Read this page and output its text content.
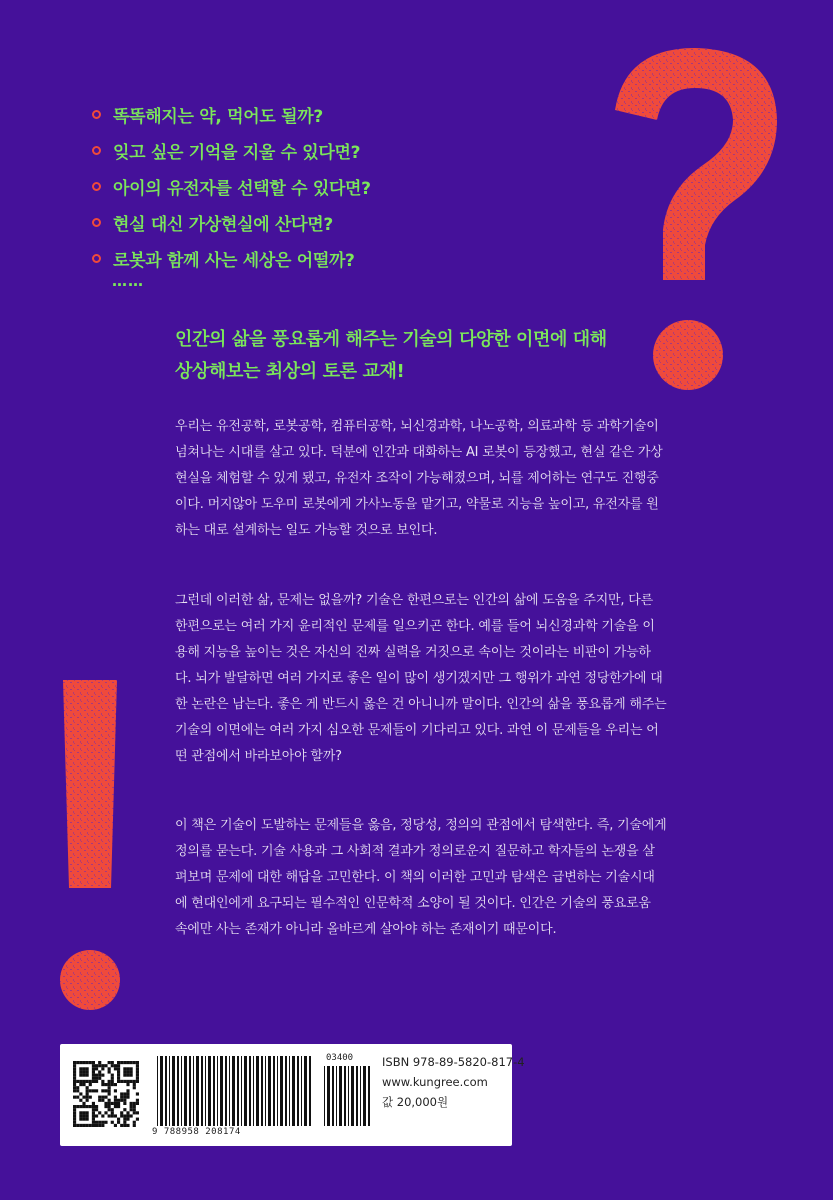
똑똑해지는 약, 먹어도 될까?
잊고 싶은 기억을 지울 수 있다면?
아이의 유전자를 선택할 수 있다면?
현실 대신 가상현실에 산다면?
로봇과 함께 사는 세상은 어떨까?
……
인간의 삶을 풍요롭게 해주는 기술의 다양한 이면에 대해
상상해보는 최상의 토론 교재!
우리는 유전공학, 로봇공학, 컴퓨터공학, 뇌신경과학, 나노공학, 의료과학 등 과학기술이
넘쳐나는 시대를 살고 있다. 덕분에 인간과 대화하는 AI 로봇이 등장했고, 현실 같은 가상
현실을 체험할 수 있게 됐고, 유전자 조작이 가능해졌으며, 뇌를 제어하는 연구도 진행중
이다. 머지않아 도우미 로봇에게 가사노동을 맡기고, 약물로 지능을 높이고, 유전자를 원
하는 대로 설계하는 일도 가능할 것으로 보인다.
그런데 이러한 삶, 문제는 없을까? 기술은 한편으로는 인간의 삶에 도움을 주지만, 다른
한편으로는 여러 가지 윤리적인 문제를 일으키곤 한다. 예를 들어 뇌신경과학 기술을 이
용해 지능을 높이는 것은 자신의 진짜 실력을 거짓으로 속이는 것이라는 비판이 가능하
다. 뇌가 발달하면 여러 가지로 좋은 일이 많이 생기겠지만 그 행위가 과연 정당한가에 대
한 논란은 남는다. 좋은 게 반드시 옳은 건 아니니까 말이다. 인간의 삶을 풍요롭게 해주는
기술의 이면에는 여러 가지 심오한 문제들이 기다리고 있다. 과연 이 문제들을 우리는 어
떤 관점에서 바라보아야 할까?
이 책은 기술이 도발하는 문제들을 옳음, 정당성, 정의의 관점에서 탐색한다. 즉, 기술에게
정의를 묻는다. 기술 사용과 그 사회적 결과가 정의로운지 질문하고 학자들의 논쟁을 살
펴보며 문제에 대한 해답을 고민한다. 이 책의 이러한 고민과 탐색은 급변하는 기술시대
에 현대인에게 요구되는 필수적인 인문학적 소양이 될 것이다. 인간은 기술의 풍요로움
속에만 사는 존재가 아니라 올바르게 살아야 하는 존재이기 때문이다.
9 788958 208174
03400	ISBN 978-89-5820-817-4
www.kungree.com
값 20,000원
